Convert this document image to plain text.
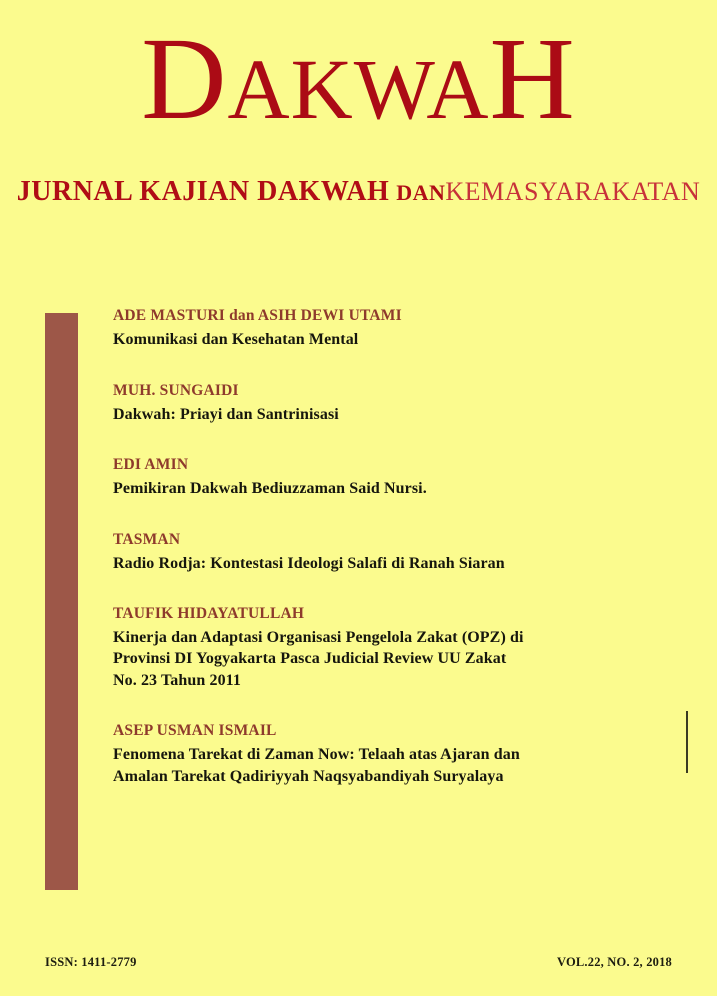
DAKWAH
JURNAL KAJIAN DAKWAH DANKEMASYARAKATAN
ADE MASTURI dan ASIH DEWI UTAMI
Komunikasi dan Kesehatan Mental
MUH. SUNGAIDI
Dakwah: Priayi dan Santrinisasi
EDI AMIN
Pemikiran Dakwah Bediuzzaman Said Nursi.
TASMAN
Radio Rodja: Kontestasi Ideologi Salafi di Ranah Siaran
TAUFIK HIDAYATULLAH
Kinerja dan Adaptasi Organisasi Pengelola Zakat (OPZ) di
Provinsi DI Yogyakarta Pasca Judicial Review UU Zakat
No. 23 Tahun 2011
ASEP USMAN ISMAIL
Fenomena Tarekat di Zaman Now: Telaah atas Ajaran dan
Amalan Tarekat Qadiriyyah Naqsyabandiyah Suryalaya
ISSN: 1411-2779	VOL.22, NO. 2, 2018
